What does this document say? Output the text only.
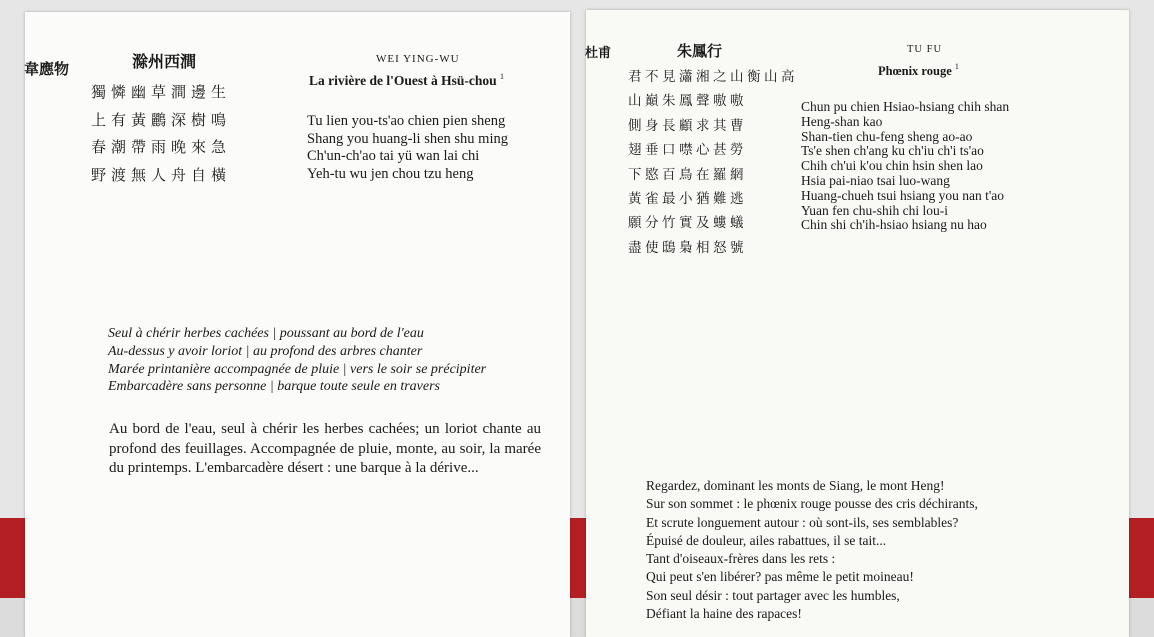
韋應物	滁州西澗	WEI YING-WU
La rivière de l'Ouest à Hsü-chou $^1$
獨憐幽草澗邊生
上有黃鸝深樹鳴
春潮帶雨晚來急
野渡無人舟自橫
Tu lien you-ts'ao chien pien sheng
Shang you huang-li shen shu ming
Ch'un-ch'ao tai yü wan lai chi
Yeh-tu wu jen chou tzu heng
Seul à chérir herbes cachées | poussant au bord de l'eau
Au-dessus y avoir loriot | au profond des arbres chanter
Marée printanière accompagnée de pluie | vers le soir se précipiter
Embarcadère sans personne | barque toute seule en travers
Au bord de l'eau, seul à chérir les herbes cachées; un loriot chante au profond des feuillages. Accompagnée de pluie, monte, au soir, la marée du printemps. L'embarcadère désert : une barque à la dérive...
杜甫	朱鳳行	TU FU
Phœnix rouge $^1$
君不見瀟湘之山衡山高
山巔朱鳳聲嗷嗷
側身長顧求其曹
翅垂口噤心甚勞
下愍百鳥在羅網
黃雀最小猶難逃
願分竹實及螻蟻
盡使鴟梟相怒號
Chun pu chien Hsiao-hsiang chih shan
Heng-shan kao
Shan-tien chu-feng sheng ao-ao
Ts'e shen ch'ang ku ch'iu ch'i ts'ao
Chih ch'ui k'ou chin hsin shen lao
Hsia pai-niao tsai luo-wang
Huang-chueh tsui hsiang you nan t'ao
Yuan fen chu-shih chi lou-i
Chin shi ch'ih-hsiao hsiang nu hao
Regardez, dominant les monts de Siang, le mont Heng!
Sur son sommet : le phœnix rouge pousse des cris déchirants,
Et scrute longuement autour : où sont-ils, ses semblables?
Épuisé de douleur, ailes rabattues, il se tait...
Tant d'oiseaux-frères dans les rets :
Qui peut s'en libérer? pas même le petit moineau!
Son seul désir : tout partager avec les humbles,
Défiant la haine des rapaces!
